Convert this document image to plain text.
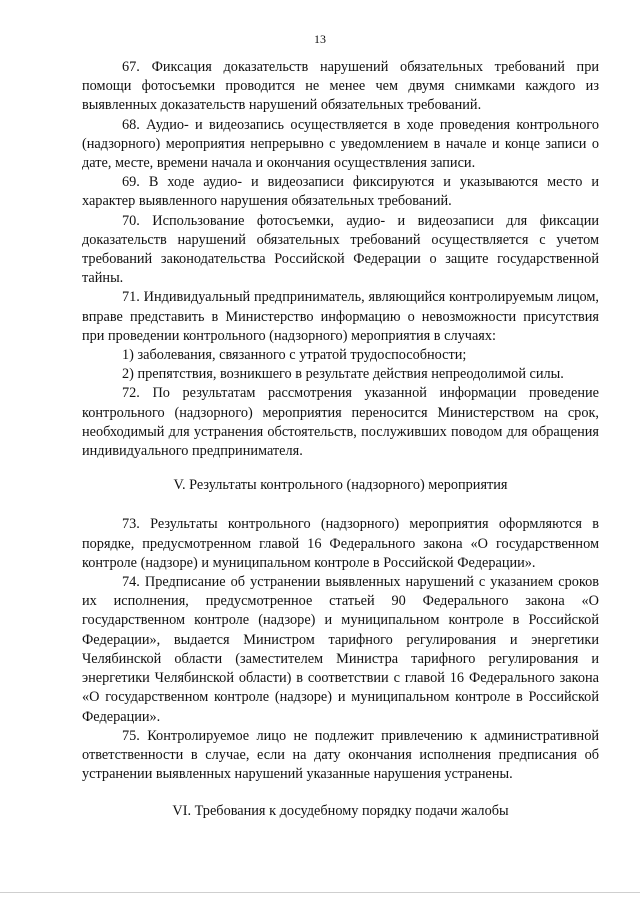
13

67. Фиксация доказательств нарушений обязательных требований при помощи фотосъемки проводится не менее чем двумя снимками каждого из выявленных доказательств нарушений обязательных требований.

68. Аудио- и видеозапись осуществляется в ходе проведения контрольного (надзорного) мероприятия непрерывно с уведомлением в начале и конце записи о дате, месте, времени начала и окончания осуществления записи.

69. В ходе аудио- и видеозаписи фиксируются и указываются место и характер выявленного нарушения обязательных требований.

70. Использование фотосъемки, аудио- и видеозаписи для фиксации доказательств нарушений обязательных требований осуществляется с учетом требований законодательства Российской Федерации о защите государственной тайны.

71. Индивидуальный предприниматель, являющийся контролируемым лицом, вправе представить в Министерство информацию о невозможности присутствия при проведении контрольного (надзорного) мероприятия в случаях:

1) заболевания, связанного с утратой трудоспособности;

2) препятствия, возникшего в результате действия непреодолимой силы.

72. По результатам рассмотрения указанной информации проведение контрольного (надзорного) мероприятия переносится Министерством на срок, необходимый для устранения обстоятельств, послуживших поводом для обращения индивидуального предпринимателя.

V. Результаты контрольного (надзорного) мероприятия

73. Результаты контрольного (надзорного) мероприятия оформляются в порядке, предусмотренном главой 16 Федерального закона «О государственном контроле (надзоре) и муниципальном контроле в Российской Федерации».

74. Предписание об устранении выявленных нарушений с указанием сроков их исполнения, предусмотренное статьей 90 Федерального закона «О государственном контроле (надзоре) и муниципальном контроле в Российской Федерации», выдается Министром тарифного регулирования и энергетики Челябинской области (заместителем Министра тарифного регулирования и энергетики Челябинской области) в соответствии с главой 16 Федерального закона «О государственном контроле (надзоре) и муниципальном контроле в Российской Федерации».

75. Контролируемое лицо не подлежит привлечению к административной ответственности в случае, если на дату окончания исполнения предписания об устранении выявленных нарушений указанные нарушения устранены.

VI. Требования к досудебному порядку подачи жалобы
